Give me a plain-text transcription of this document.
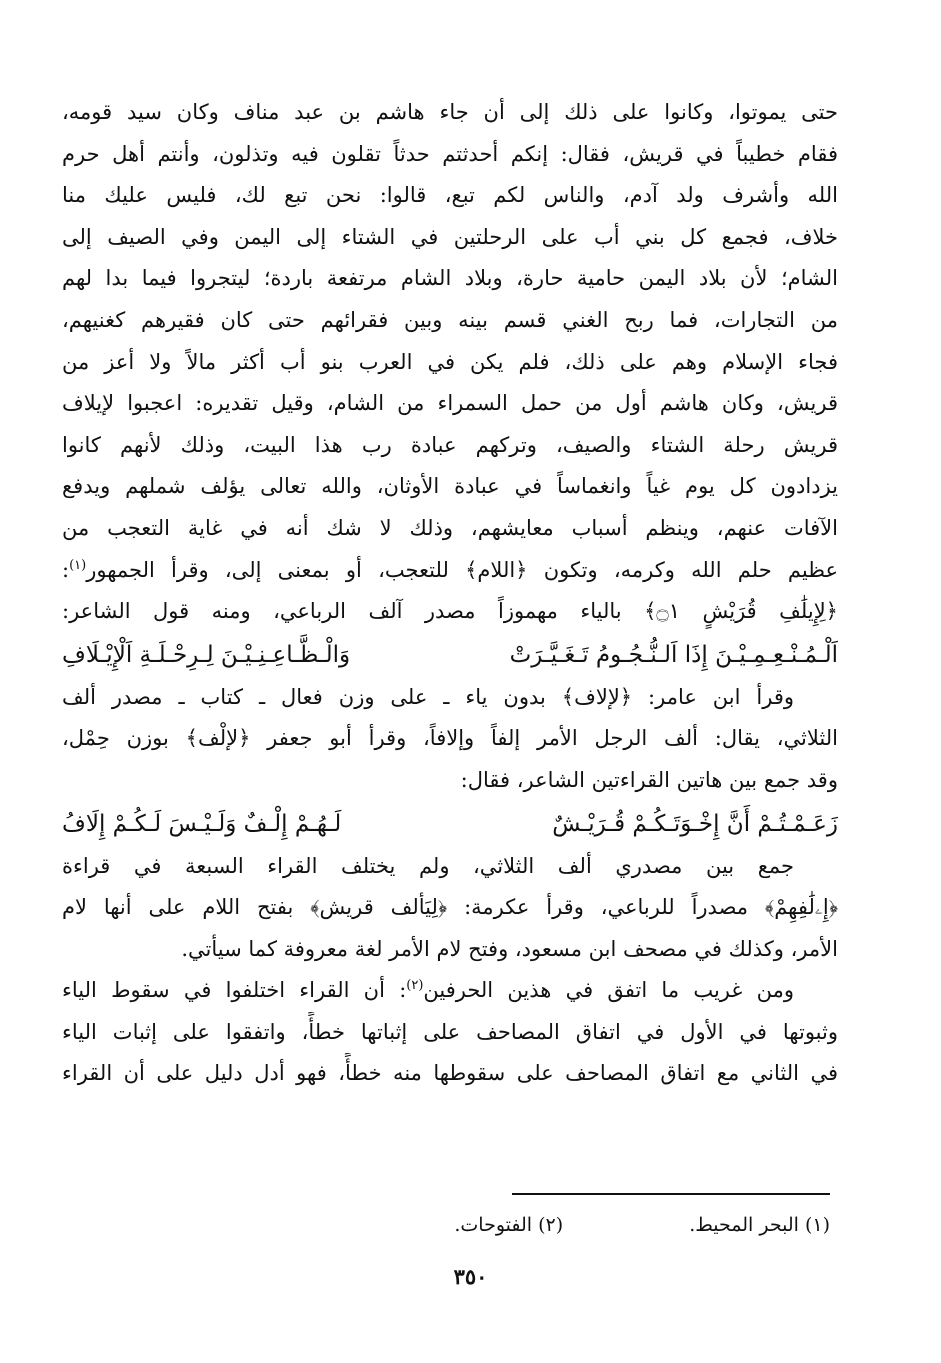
حتى يموتوا، وكانوا على ذلك إلى أن جاء هاشم بن عبد مناف وكان سيد قومه،
فقام خطيباً في قريش، فقال: إنكم أحدثتم حدثاً تقلون فيه وتذلون، وأنتم أهل حرم
الله وأشرف ولد آدم، والناس لكم تبع، قالوا: نحن تبع لك، فليس عليك منا
خلاف، فجمع كل بني أب على الرحلتين في الشتاء إلى اليمن وفي الصيف إلى
الشام؛ لأن بلاد اليمن حامية حارة، وبلاد الشام مرتفعة باردة؛ ليتجروا فيما بدا لهم
من التجارات، فما ربح الغني قسم بينه وبين فقرائهم حتى كان فقيرهم كغنيهم،
فجاء الإسلام وهم على ذلك، فلم يكن في العرب بنو أب أكثر مالاً ولا أعز من
قريش، وكان هاشم أول من حمل السمراء من الشام، وقيل تقديره: اعجبوا لإيلاف
قريش رحلة الشتاء والصيف، وتركهم عبادة رب هذا البيت، وذلك لأنهم كانوا
يزدادون كل يوم غياً وانغماساً في عبادة الأوثان، والله تعالى يؤلف شملهم ويدفع
الآفات عنهم، وينظم أسباب معايشهم، وذلك لا شك أنه في غاية التعجب من
عظيم حلم الله وكرمه، وتكون ﴿اللام﴾ للتعجب، أو بمعنى إلى، وقرأ الجمهور$^{(١)}$:
﴿لِإِيلَٰفِ قُرَيْشٍ ۝١﴾ بالياء مهموزاً مصدر آلف الرباعي، ومنه قول الشاعر:

اَلْـمُـنْـعِـمِـيْـنَ إِذَا اَلـنُّـجُـومُ تَـغَـيَّـرَتْ
وَالْـظَّـاعِـنِـيْـنَ لِـرِحْـلَـةِ اَلْإِيْـلَافِ

وقرأ ابن عامر: ﴿لإلاف﴾ بدون ياء ـ على وزن فعال ـ كتاب ـ مصدر ألف
الثلاثي، يقال: ألف الرجل الأمر إلفاً وإلافاً، وقرأ أبو جعفر ﴿لإلْف﴾ بوزن حِمْل،
وقد جمع بين هاتين القراءتين الشاعر، فقال:

زَعَـمْـتُـمْ أَنَّ إِخْـوَتَـكُـمْ قُـرَيْـشٌ
لَـهُـمْ إِلْـفٌ وَلَـيْـسَ لَـكُـمْ إِلَافُ

جمع بين مصدري ألف الثلاثي، ولم يختلف القراء السبعة في قراءة
﴿إِۦلَٰفِهِمْ﴾ مصدراً للرباعي، وقرأ عكرمة: ﴿لِيَألف قريش﴾ بفتح اللام على أنها لام
الأمر، وكذلك في مصحف ابن مسعود، وفتح لام الأمر لغة معروفة كما سيأتي.

ومن غريب ما اتفق في هذين الحرفين$^{(٢)}$: أن القراء اختلفوا في سقوط الياء
وثبوتها في الأول في اتفاق المصاحف على إثباتها خطأً، واتفقوا على إثبات الياء
في الثاني مع اتفاق المصاحف على سقوطها منه خطأً، فهو أدل دليل على أن القراء

(١) البحر المحيط. (٢) الفتوحات.
٣٥٠
